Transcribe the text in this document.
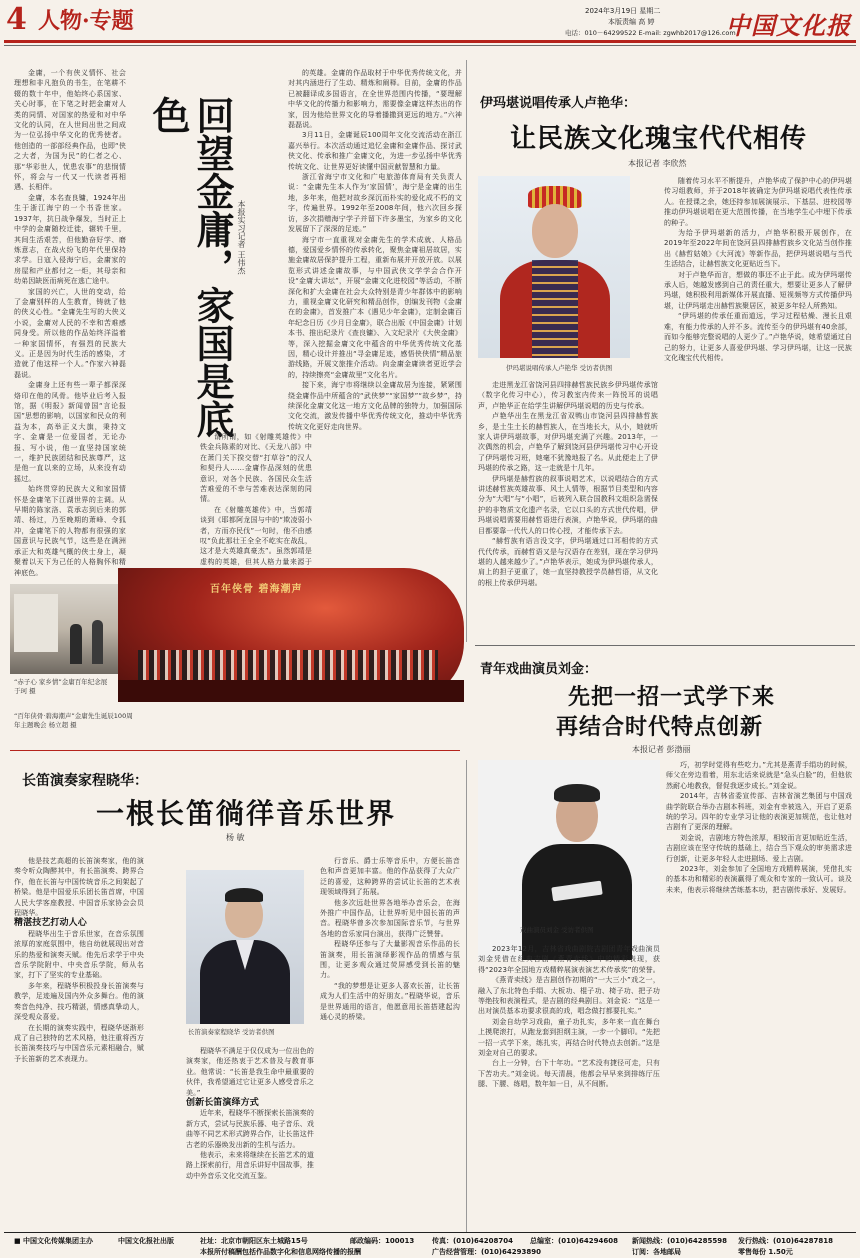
4 人物·专题	2024年3月19日 星期二
本版责编 高 婷
电话：010－64299522 E-mail: zgwhb2017@126.com
中国文化报

金庸，一个有侠义情怀、社会理想和非凡抱负的书生，在笔耕不辍的数十年中，他始终心系国家、关心时事，在下笔之时把金庸对人类的同情、对国家的热爱和对中华文化的认同，在人世间出世之间成为一位弘扬中华文化的优秀使者。他创造的一部部经典作品，也即“侠之大者，为国为民”的仁者之心、那“华彩世人，忧患农事”的悲悯情怀，将会与一代又一代读者再相遇、长相伴。

金庸，本名查良镛，1924年出生于浙江海宁的一个书香世家。1937年，抗日战争爆发，当时正上中学的金庸随校迁徙，辗转千里，其间生活艰苦，但他勤奋好学、磨炼意志，在战火纷飞的年代里保持求学。日寇入侵海宁后，金庸家的房屋和产业都付之一炬，其母亲和幼弟因缺医而病死在逃亡途中。

家国的兴亡，人世的变动，给了金庸别样的人生教育，铸就了他的侠义心性。“金庸先生写的大侠义小说，金庸对人民的不幸和苦难感同身受。所以他的作品始终洋溢着一种家国情怀，有强烈的民族大义。正是因为时代生活的感染，才造就了他这样一个人。”作家六神磊磊说。

金庸身上还有些一辈子都深深烙印在他的风骨。他毕业后考入报馆，据《明报》新闻曾国“言论报国”思想的影响，以国家和民众的利益为本，高举正义大旗，秉持文字、金庸是一位爱国者，无论办报、写小说，他一直坚持国家统一，维护民族团结和民族尊严，这是他一直以来的立场，从来没有动摇过。

始终贯穿的民族大义和家国情怀是金庸笔下江湖世界的主调。从早期的陈家洛、袁承志到后来的郭靖、杨过，乃至晚期的萧峰、令狐冲，金庸笔下的人物都有很强的家国意识与民族气节，这些是在满洲承正大和英雄气概的侠士身上，凝聚着以天下为己任的人格胸怀和精神底色。

的英雄。金庸的作品取材于中华优秀传统文化，并对其内涵进行了生动、精炼和阐释。目前，金庸的作品已被翻译成多国语言，在全世界范围内传播，“要理解中华文化的传播力和影响力，需要像金庸这样杰出的作家，因为他给世界文化的导着播撒到更远的地方。”六神磊磊说。

3月11日，金庸诞辰100周年文化交流活动在浙江嘉兴举行。本次活动通过追忆金庸和金庸作品、探讨武侠文化、传承和推广金庸文化，为进一步弘扬中华优秀传统文化、让世界更好读懂中国贡献智慧和力量。

浙江省海宁市文化和广电旅游体育局有关负责人说：“金庸先生本人作为‘家国情’，海宁是金庸的出生地，多年来，他把对故乡深沉而朴实的爱化成不朽的文字，传遍世界。1992年至2008年间，他六次回乡探访，多次捐赠海宁学子并留下许多墨宝，为家乡的文化发展留下了深深的足迹。”

海宁市一直重视对金庸先生的学术成就、人格品德，爱国爱乡情怀的传承转化，聚焦金庸祖居故居，实施金庸故居保护提升工程，重新布展并开放开放。以展览形式讲述金庸故事，与中国武侠文学学会合作开设“金庸大讲坛”，开展“金庸文化进校园”等活动，不断深化和扩大金庸在社会大众特别是青少年群体中的影响力，重视金庸文化研究和精品创作，创编发刊物《金庸在的金庸》，首发推广本《遇见少年金庸》，定制金庸百年纪念日历《少月日金庸》，联合出版《中国金庸》计划本书、推出纪录片《查良镛》、入文纪录片《大侠金庸》等，深入挖掘金庸文化中蕴含的中华优秀传统文化基因，精心设计并推出“寻金庸足迹，感悟侠侠情”精品旅游线路，开展文旅推介活动。向金庸金庸读者更近学会的，持续擦亮“金庸故里”文化名片。

接下来，海宁市将继续以金庸故居为连接，紧紧围绕金庸作品中所蕴含的“武侠梦”“家国梦”“故乡梦”，持续深化金庸文化这一地方文化品牌的独特力，加强国际文化交流，激发传播中华优秀传统文化，推动中华优秀传统文化更好走向世界。

回望金庸，家国是底色
本报实习记者 王伟杰

谓所谓，如《射雕英雄传》中铁金兵陈素的对比、《天龙八部》中在萧门关下揆交替“打草谷”的汉人和契丹人……金庸作品深刻的优患意识，对各个民族、各国民众生活苦难爱的不幸与苦难表达深刻的同情。

在《射雕英雄传》中，当郭靖谈到《耶都阿龙国与中的“欺凌弱小者，方而亦民伐”一句时，他不由感叹“负此那壮王全全不屹实在战乱，这才是大英雄真豪杰”。虽然郭靖是虚构的英雄，但其人格力量来源于

百年侠骨 碧海潮声
“赤子心 家乡情”金庸百年纪念展 于珂 摄
“百年侠骨·碧海潮声”金庸先生诞辰100周年主题晚会 杨立超 摄
长笛演奏家程晓华：
一根长笛徜徉音乐世界
杨 敏

他是技艺高超的长笛演奏家，他的演奏令听众陶醉其中，有长笛演奏、跨界合作，他在长笛与中国传统音乐之间架起了桥梁。他是中国爱乐乐团长笛首席，中国人民大学客座教授、中国音乐家协会会员程晓华。

精湛技艺打动人心

程晓华出生于音乐世家，在音乐氛围浓厚的家庭氛围中，他自幼就展现出对音乐的热爱和演奏天赋。他先后求学于中央音乐学院附中、中央音乐学院，师从名家，打下了坚实的专业基础。

多年来，程晓华积极投身长笛演奏与教学，足迹遍及国内外众多舞台。他的演奏音色纯净、技巧精湛，情感真挚动人，深受观众喜爱。

在长期的演奏实践中，程晓华逐渐形成了自己独特的艺术风格，他注重将西方长笛演奏技巧与中国音乐元素相融合，赋予长笛新的艺术表现力。

长笛演奏家程晓华 受访者供图

程晓华不满足于仅仅成为一位出色的演奏家，他还热衷于艺术普及与教育事业。他常说：“长笛是我生命中最重要的伙伴，我希望通过它让更多人感受音乐之美。”

创新长笛演绎方式

近年来，程晓华不断探索长笛演奏的新方式，尝试与民族乐器、电子音乐、戏曲等不同艺术形式跨界合作，让长笛这件古老的乐器焕发出新的生机与活力。

他表示，未来将继续在长笛艺术的道路上探索前行，用音乐讲好中国故事，推动中外音乐文化交流互鉴。

行音乐、爵士乐等音乐中，方便长笛音色和声音更加丰富。他的作品获得了大众广泛的喜爱，这种跨界的尝试让长笛的艺术表现领域得到了拓展。

他多次远赴世界各地举办音乐会，在海外推广中国作品，让世界听见中国长笛的声音。程晓华曾多次参加国际音乐节，与世界各地的音乐家同台演出，获得广泛赞誉。

程晓华还参与了大量影视音乐作品的长笛演奏，用长笛演绎影视作品的情感与氛围，让更多观众通过荧屏感受到长笛的魅力。

“我的梦想是让更多人喜欢长笛，让长笛成为人们生活中的好朋友。”程晓华说，音乐是世界通用的语言，他愿意用长笛搭建起沟通心灵的桥梁。

伊玛堪说唱传承人卢艳华：
让民族文化瑰宝代代相传
本报记者 李欣然
伊玛堪说唱传承人卢艳华 受访者供图

走进黑龙江省饶河县四排赫哲族民族乡伊玛堪传承馆（数字化传习中心），传习教室内传来一阵悦耳的说唱声，卢艳华正在给学生讲解伊玛堪说唱的历史与传承。

卢艳华出生在黑龙江省双鸭山市饶河县四排赫哲族乡，是土生土长的赫哲族人，在当地长大，从小，她就听家人讲伊玛堪故事，对伊玛堪充满了兴趣。2013年，一次偶然的机会，卢艳华了解到饶河县伊玛堪传习中心开设了伊玛堪传习班，她毫不犹豫地报了名。从此便走上了伊玛堪的传承之路，这一走就是十几年。

伊玛堪是赫哲族的叙事说唱艺术，以说唱结合的方式讲述赫哲族英雄故事、风土人情等，根据节目类型和内容分为“大唱”与“小唱”，后被列入联合国教科文组织急需保护的非物质文化遗产名录，它以口头的方式世代传唱，伊玛堪说唱需要用赫哲语进行表演，卢艳华说，伊玛堪的曲目都要靠一代代人的口传心授，才能传承下去。

“赫哲族有语言没文字，伊玛堪通过口耳相传的方式代代传承，而赫哲语又是与汉语存在差别，现在学习伊玛堪的人越来越少了。”卢艳华表示，她成为伊玛堪传承人，肩上的担子更重了，她一直坚持教授学员赫哲语，从文化的根上传承伊玛堪。

随着传习水平不断提升，卢艳华成了保护中心的伊玛堪传习组教师，并于2018年被确定为伊玛堪说唱代表性传承人。在授课之余，她还持参加展演展示、下基层、进校园等推动伊玛堪说唱在更大范围传播，在当地学生心中埋下传承的种子。

为给予伊玛堪新的活力，卢艳华积极开展创作，在2019年至2022年间在饶河县四排赫哲族乡文化站当创作推出《赫哲姑娘》《大河流》等新作品，把伊玛堪说唱与当代生活结合，让赫哲族文化更贴近当下。

对于卢艳华而言，想做的事还不止于此。成为伊玛堪传承人后，她越发感到自己的责任重大，想要让更多人了解伊玛堪，她积极利用新媒体开展直播、短视频等方式传播伊玛堪，让伊玛堪走出赫哲族聚居区，被更多年轻人所熟知。

“伊玛堪的传承任重而道远，学习过程枯燥、漫长且艰难，有能力传承的人并不多。流传至今的伊玛堪有40余部，而如今能够完整说唱的人更少了。”卢艳华说，她希望通过自己的努力，让更多人喜爱伊玛堪、学习伊玛堪，让这一民族文化瑰宝代代相传。

青年戏曲演员刘金：
先把一招一式学下来
再结合时代特点创新
本报记者 彭渤丽
戏曲演员刘金 受访者供图

2023年12月，吉林省戏曲剧院吉剧团青年戏曲演员刘金凭借在经典吉剧《燕青卖线》中的精彩表现，获得“2023年全国地方戏精粹展演表演艺术传承奖”的荣誉。

《燕青卖线》是吉剧创作初期的“一大三小”戏之一，融入了东北特色手绢、大板功、棍子功、椅子功、把子功等绝技和表演程式，是吉剧的经典剧目。刘金说：“这是一出对演员基本功要求很高的戏，唱念做打都要扎实。”

刘金自幼学习戏曲，童子功扎实，多年来一直在舞台上摸爬滚打，从跑龙套到担纲主演，一步一个脚印。“先把一招一式学下来，练扎实，再结合时代特点去创新。”这是刘金对自己的要求。

台上一分钟，台下十年功。“艺术没有捷径可走，只有下苦功夫。”刘金说。每天清晨，他都会早早来到排练厅压腿、下腰、练唱，数年如一日，从不间断。

巧，初学时觉得有些吃力。”尤其是燕青手绢功的时候，师父在旁边看着，用东北话来说就是“急头白脸”的，但他依然耐心地教我，督促我逐步成长。”刘金说。

2014年，吉林省委宣传部、吉林省演艺集团与中国戏曲学院联合举办吉剧本科班，刘金有幸被选入，开启了更系统的学习。四年的专业学习让他的表演更加规范，也让他对吉剧有了更深的理解。

刘金说，吉剧地方特色浓厚，相较而言更加贴近生活，吉剧应该在坚守传统的基础上，结合当下观众的审美需求进行创新，让更多年轻人走进剧场、爱上吉剧。

2023年，刘金参加了全国地方戏精粹展演，凭借扎实的基本功和精彩的表演赢得了观众和专家的一致认可。谈及未来，他表示将继续苦练基本功，把吉剧传承好、发展好。

■ 中国文化传媒集团主办	中国文化报社出版	社址：北京市朝阳区东土城路15号	邮政编码：100013	传真：(010)64208704 总编室：(010)64294608 新闻热线：(010)64285598 发行热线：(010)64287818
本报所付稿酬包括作品数字化和信息网络传播的报酬	广告经营管理：(010)64293890	订阅：各地邮局	零售每份 1.50元
